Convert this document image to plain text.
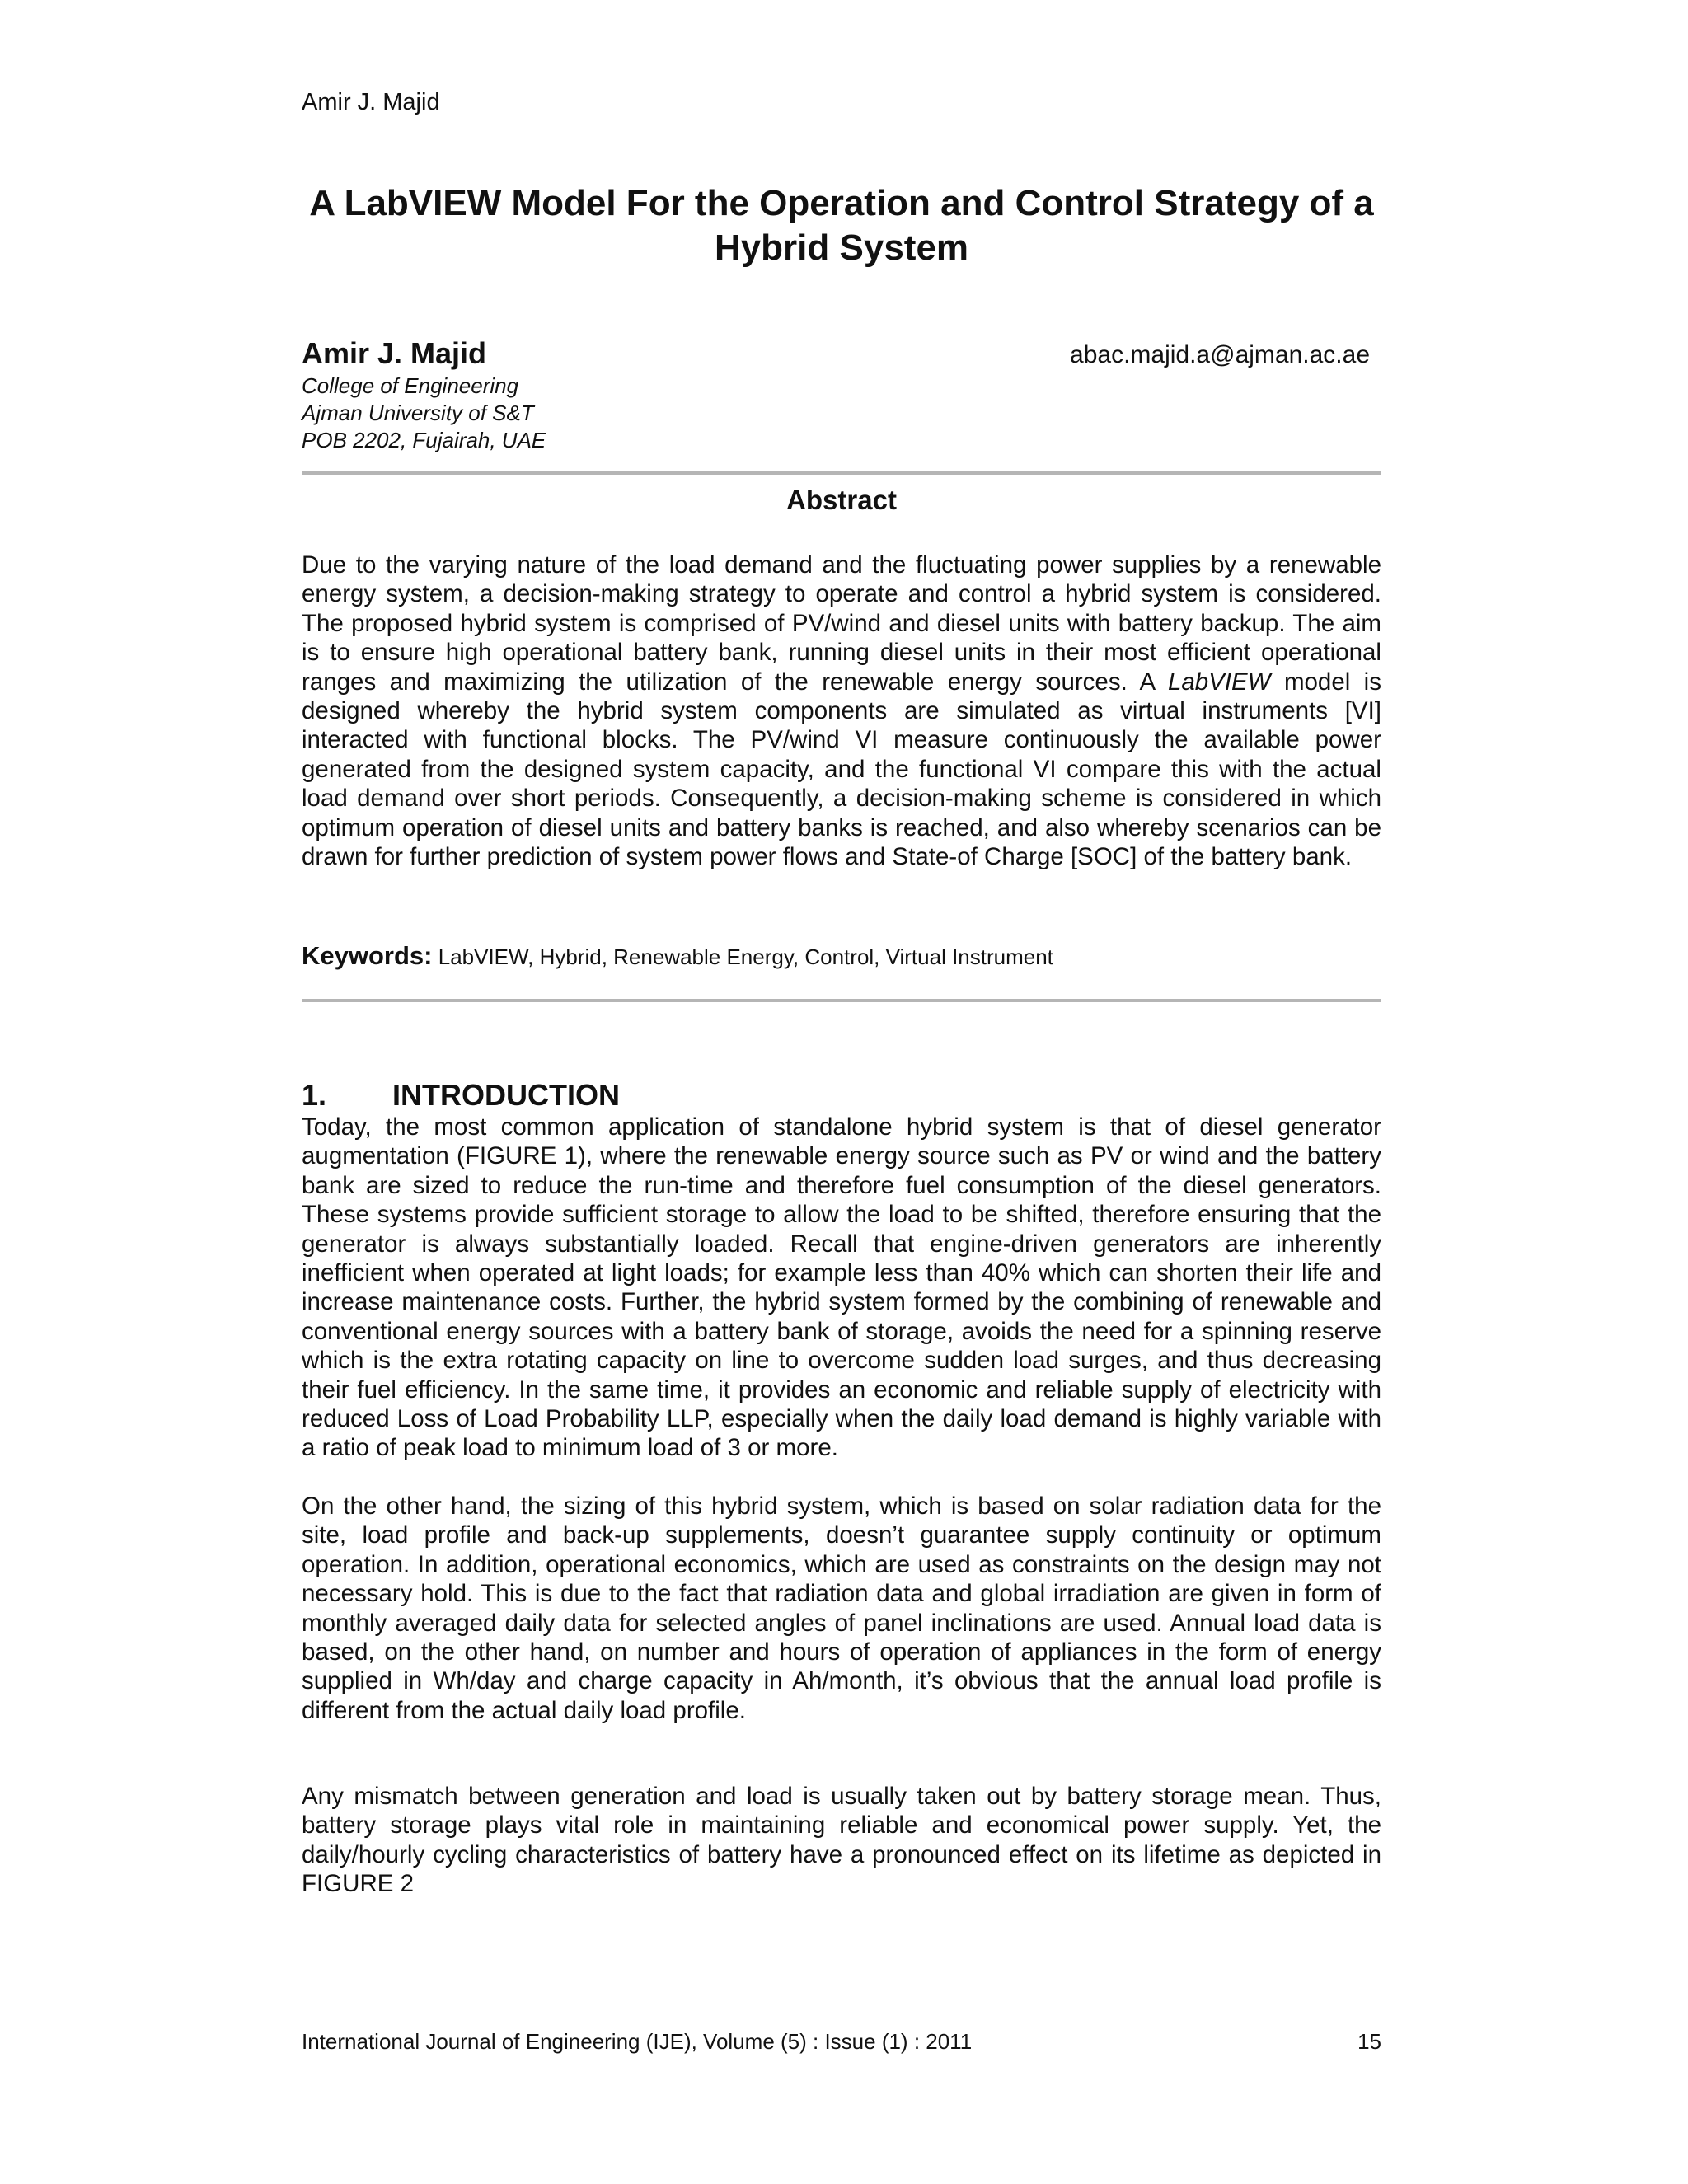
Amir J. Majid
A LabVIEW Model For the Operation and Control Strategy of a Hybrid System
Amir J. Majid	abac.majid.a@ajman.ac.ae
College of Engineering
Ajman University of S&T
POB 2202, Fujairah, UAE
Abstract

Due to the varying nature of the load demand and the fluctuating power supplies by a renewable energy system, a decision-making strategy to operate and control a hybrid system is considered. The proposed hybrid system is comprised of PV/wind and diesel units with battery backup. The aim is to ensure high operational battery bank, running diesel units in their most efficient operational ranges and maximizing the utilization of the renewable energy sources. A LabVIEW model is designed whereby the hybrid system components are simulated as virtual instruments [VI] interacted with functional blocks. The PV/wind VI measure continuously the available power generated from the designed system capacity, and the functional VI compare this with the actual load demand over short periods. Consequently, a decision-making scheme is considered in which optimum operation of diesel units and battery banks is reached, and also whereby scenarios can be drawn for further prediction of system power flows and State-of Charge [SOC] of the battery bank.

Keywords: LabVIEW, Hybrid, Renewable Energy, Control, Virtual Instrument
1. INTRODUCTION

Today, the most common application of standalone hybrid system is that of diesel generator augmentation (FIGURE 1), where the renewable energy source such as PV or wind and the battery bank are sized to reduce the run-time and therefore fuel consumption of the diesel generators. These systems provide sufficient storage to allow the load to be shifted, therefore ensuring that the generator is always substantially loaded. Recall that engine-driven generators are inherently inefficient when operated at light loads; for example less than 40% which can shorten their life and increase maintenance costs. Further, the hybrid system formed by the combining of renewable and conventional energy sources with a battery bank of storage, avoids the need for a spinning reserve which is the extra rotating capacity on line to overcome sudden load surges, and thus decreasing their fuel efficiency. In the same time, it provides an economic and reliable supply of electricity with reduced Loss of Load Probability LLP, especially when the daily load demand is highly variable with a ratio of peak load to minimum load of 3 or more.

On the other hand, the sizing of this hybrid system, which is based on solar radiation data for the site, load profile and back-up supplements, doesn’t guarantee supply continuity or optimum operation. In addition, operational economics, which are used as constraints on the design may not necessary hold. This is due to the fact that radiation data and global irradiation are given in form of monthly averaged daily data for selected angles of panel inclinations are used. Annual load data is based, on the other hand, on number and hours of operation of appliances in the form of energy supplied in Wh/day and charge capacity in Ah/month, it’s obvious that the annual load profile is different from the actual daily load profile.

Any mismatch between generation and load is usually taken out by battery storage mean. Thus, battery storage plays vital role in maintaining reliable and economical power supply. Yet, the daily/hourly cycling characteristics of battery have a pronounced effect on its lifetime as depicted in FIGURE 2

International Journal of Engineering (IJE), Volume (5) : Issue (1) : 2011	15
